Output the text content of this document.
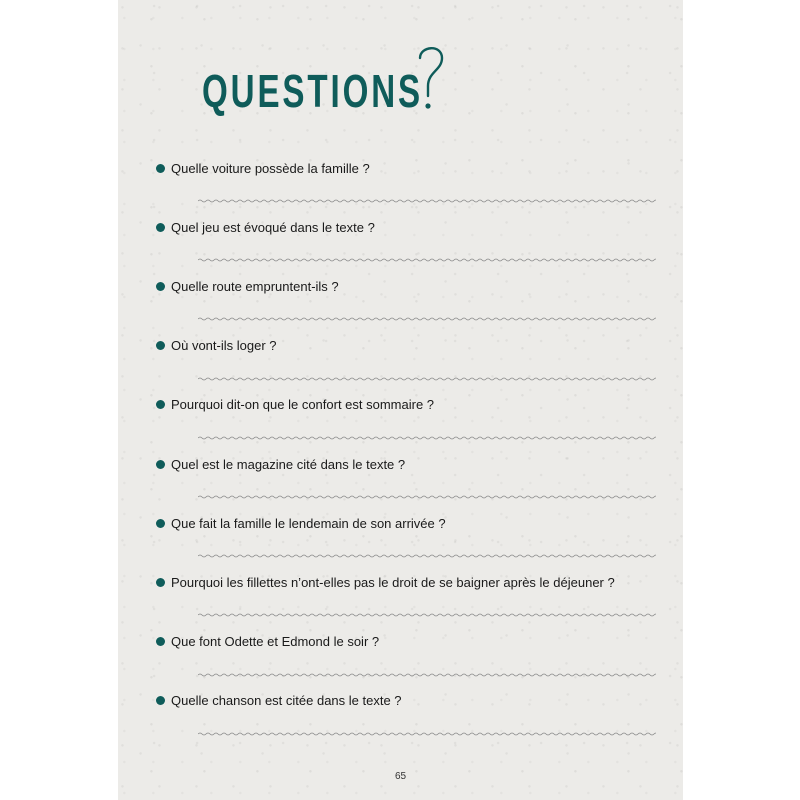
QUESTIONS
Quelle voiture possède la famille ?
Quel jeu est évoqué dans le texte ?
Quelle route empruntent-ils ?
Où vont-ils loger ?
Pourquoi dit-on que le confort est sommaire ?
Quel est le magazine cité dans le texte ?
Que fait la famille le lendemain de son arrivée ?
Pourquoi les fillettes n’ont-elles pas le droit de se baigner après le déjeuner ?
Que font Odette et Edmond le soir ?
Quelle chanson est citée dans le texte ?
65
